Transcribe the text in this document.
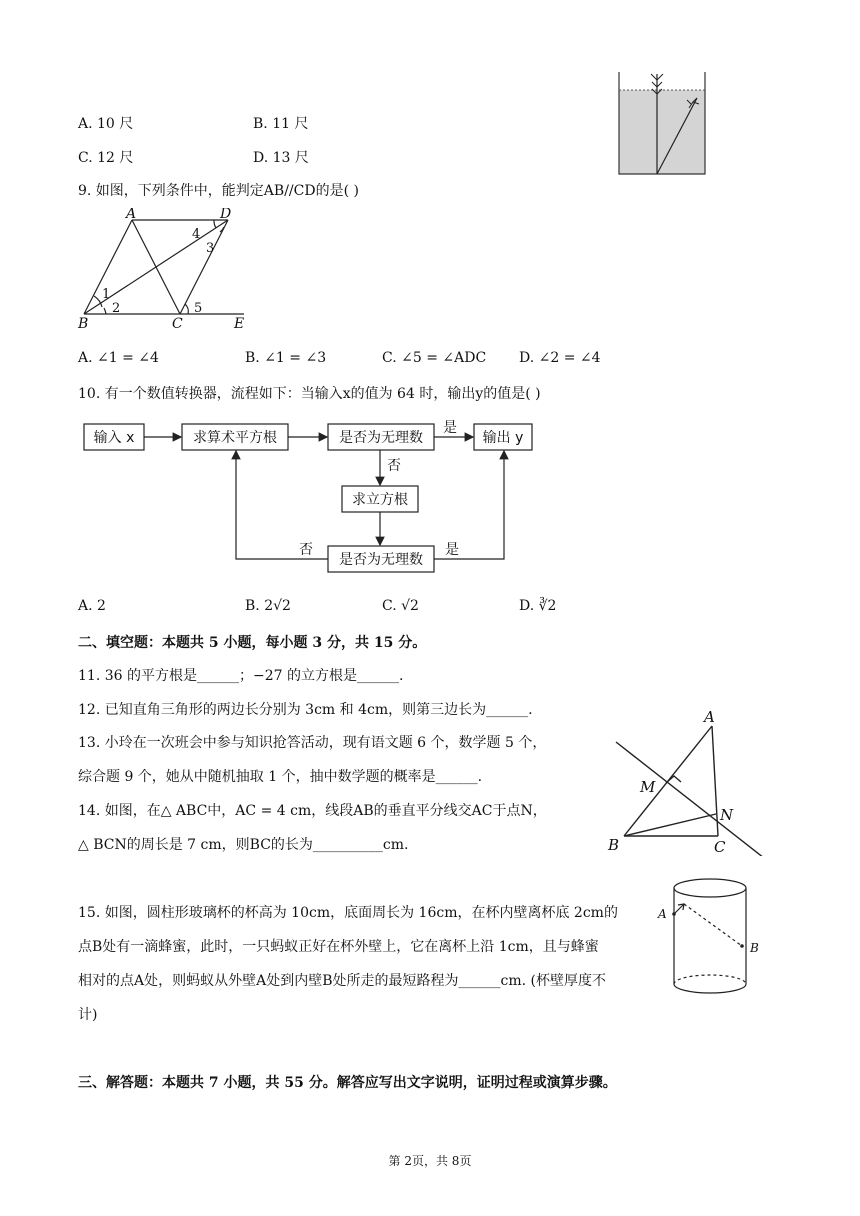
A. 10 尺	B. 11 尺
C. 12 尺	D. 13 尺
9. 如图，下列条件中，能判定AB//CD的是( )
A	D
B	C	E
1
2
3
4
5
A. ∠1 = ∠4	B. ∠1 = ∠3	C. ∠5 = ∠ADC D. ∠2 = ∠4
10. 有一个数值转换器，流程如下：当输入x的值为 64 时，输出y的值是( )
输入 x	求算术平方根	是否为无理数	输出 y
求立方根
是否为无理数
是
否
否	是
A. 2	B. 2√2	C. √2	D. ∛2
二、填空题：本题共 5 小题，每小题 3 分，共 15 分。
11. 36 的平方根是______；−27 的立方根是______.
12. 已知直角三角形的两边长分别为 3cm 和 4cm，则第三边长为______.
13. 小玲在一次班会中参与知识抢答活动，现有语文题 6 个，数学题 5 个，
综合题 9 个，她从中随机抽取 1 个，抽中数学题的概率是______.
14. 如图，在△ ABC中，AC = 4 cm，线段AB的垂直平分线交AC于点N，
△ BCN的周长是 7 cm，则BC的长为__________cm.
A
M
N
B	C
15. 如图，圆柱形玻璃杯的杯高为 10cm，底面周长为 16cm，在杯内壁离杯底 2cm的
点B处有一滴蜂蜜，此时，一只蚂蚁正好在杯外壁上，它在离杯上沿 1cm，且与蜂蜜
相对的点A处，则蚂蚁从外壁A处到内壁B处所走的最短路程为______cm. (杯壁厚度不
计)
A
B
三、解答题：本题共 7 小题，共 55 分。解答应写出文字说明，证明过程或演算步骤。
第 2页，共 8页
